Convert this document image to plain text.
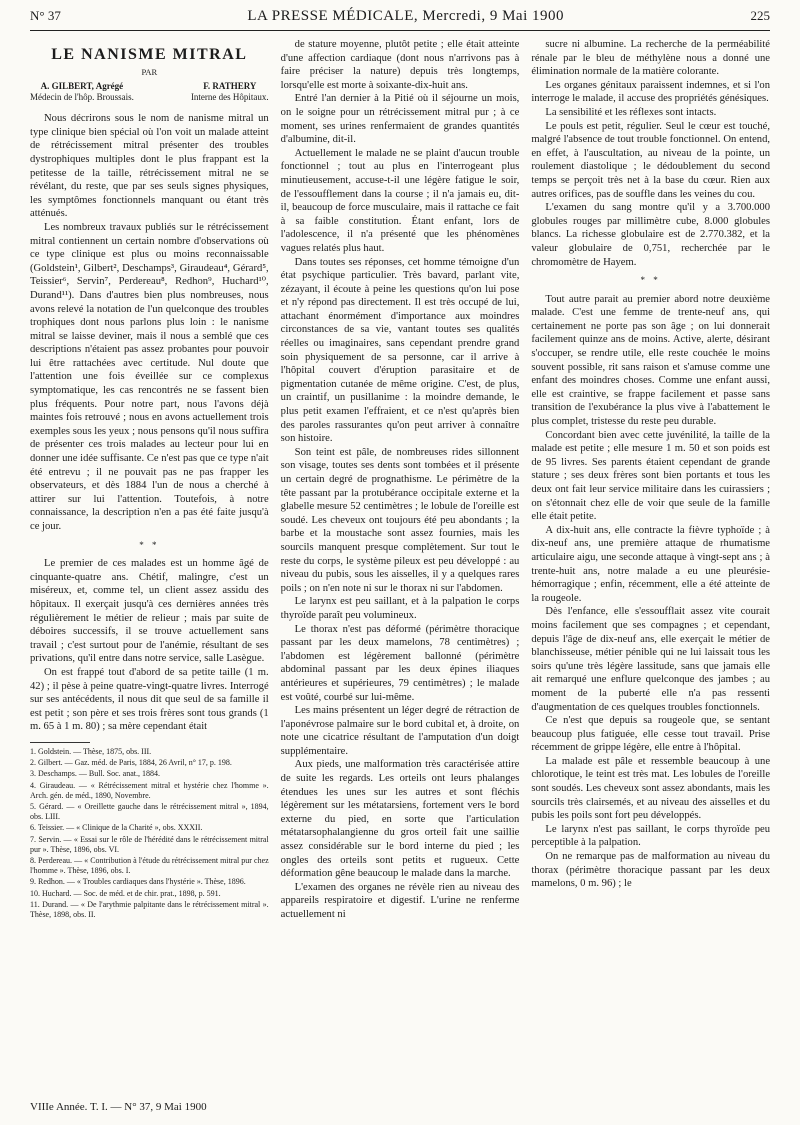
N° 37	LA PRESSE MÉDICALE, Mercredi, 9 Mai 1900	225
LE NANISME MITRAL
PAR
A. GILBERT, Agrégé
Médecin de l'hôp. Broussais.
F. RATHERY
Interne des Hôpitaux.

Nous décrirons sous le nom de nanisme mitral un type clinique bien spécial où l'on voit un malade atteint de rétrécissement mitral présenter des troubles dystrophiques multiples dont le plus frappant est la petitesse de la taille, rétrécissement mitral ne se révélant, du reste, que par ses seuls signes physiques, les symptômes fonctionnels manquant ou étant très atténués.

Les nombreux travaux publiés sur le rétrécissement mitral contiennent un certain nombre d'observations où ce type clinique est plus ou moins reconnaissable (Goldstein¹, Gilbert², Deschamps³, Giraudeau⁴, Gérard⁵, Teissier⁶, Servin⁷, Perdereau⁸, Redhon⁹, Huchard¹⁰, Durand¹¹). Dans d'autres bien plus nombreuses, nous avons relevé la notation de l'un quelconque des troubles trophiques dont nous parlons plus loin : le nanisme mitral se laisse deviner, mais il nous a semblé que ces descriptions n'étaient pas assez probantes pour pouvoir lui être rattachées avec certitude. Nul doute que l'attention une fois éveillée sur ce complexus symptomatique, les cas rencontrés ne se fassent bien plus fréquents. Pour notre part, nous l'avons déjà maintes fois retrouvé ; nous en avons actuellement trois exemples sous les yeux ; nous pensons qu'il nous suffira de présenter ces trois malades au lecteur pour lui en donner une idée suffisante. Ce n'est pas que ce type n'ait été entrevu ; il ne pouvait pas ne pas frapper les observateurs, et dès 1884 l'un de nous a cherché à attirer sur lui l'attention. Toutefois, à notre connaissance, la description n'en a pas été faite jusqu'à ce jour.

* *

Le premier de ces malades est un homme âgé de cinquante-quatre ans. Chétif, malingre, c'est un miséreux, et, comme tel, un client assez assidu des hôpitaux. Il exerçait jusqu'à ces dernières années très régulièrement le métier de relieur ; mais par suite de déboires successifs, il se trouve actuellement sans travail ; c'est surtout pour de l'anémie, résultant de ses privations, qu'il entre dans notre service, salle Lasègue.

On est frappé tout d'abord de sa petite taille (1 m. 42) ; il pèse à peine quatre-vingt-quatre livres. Interrogé sur ses antécédents, il nous dit que seul de sa famille il est petit ; son père et ses trois frères sont tous grands (1 m. 65 à 1 m. 80) ; sa mère cependant était

1. Goldstein. — Thèse, 1875, obs. III.
2. Gilbert. — Gaz. méd. de Paris, 1884, 26 Avril, n° 17, p. 198.
3. Deschamps. — Bull. Soc. anat., 1884.
4. Giraudeau. — « Rétrécissement mitral et hystérie chez l'homme ». Arch. gén. de méd., 1890, Novembre.
5. Gérard. — « Oreillette gauche dans le rétrécissement mitral », 1894, obs. LIII.
6. Teissier. — « Clinique de la Charité », obs. XXXII.
7. Servin. — « Essai sur le rôle de l'hérédité dans le rétrécissement mitral pur ». Thèse, 1896, obs. VI.
8. Perdereau. — « Contribution à l'étude du rétrécissement mitral pur chez l'homme ». Thèse, 1896, obs. I.
9. Redhon. — « Troubles cardiaques dans l'hystérie ». Thèse, 1896.
10. Huchard. — Soc. de méd. et de chir. prat., 1898, p. 591.
11. Durand. — « De l'arythmie palpitante dans le rétrécissement mitral ». Thèse, 1898, obs. II.

de stature moyenne, plutôt petite ; elle était atteinte d'une affection cardiaque (dont nous n'arrivons pas à faire préciser la nature) depuis très longtemps, lorsqu'elle est morte à soixante-dix-huit ans.

Entré l'an dernier à la Pitié où il séjourne un mois, on le soigne pour un rétrécissement mitral pur ; à ce moment, ses urines renfermaient de grandes quantités d'albumine, dit-il.

Actuellement le malade ne se plaint d'aucun trouble fonctionnel ; tout au plus en l'interrogeant plus minutieusement, accuse-t-il une légère fatigue le soir, de l'essoufflement dans la course ; il n'a jamais eu, dit-il, beaucoup de force musculaire, mais il rattache ce fait à sa faible constitution. Étant enfant, lors de l'adolescence, il n'a présenté que les phénomènes vagues relatés plus haut.

Dans toutes ses réponses, cet homme témoigne d'un état psychique particulier. Très bavard, parlant vite, zézayant, il écoute à peine les questions qu'on lui pose et n'y répond pas directement. Il est très occupé de lui, attachant énormément d'importance aux moindres circonstances de sa vie, vantant toutes ses qualités réelles ou imaginaires, sans cependant prendre grand soin physiquement de sa personne, car il arrive à l'hôpital couvert d'éruption parasitaire et de pigmentation cutanée de même origine. C'est, de plus, un craintif, un pusillanime : la moindre demande, le plus petit examen l'effraient, et ce n'est qu'après bien des paroles rassurantes qu'on peut arriver à connaître son histoire.

Son teint est pâle, de nombreuses rides sillonnent son visage, toutes ses dents sont tombées et il présente un certain degré de prognathisme. Le périmètre de la tête passant par la protubérance occipitale externe et la glabelle mesure 52 centimètres ; le lobule de l'oreille est soudé. Les cheveux ont toujours été peu abondants ; la barbe et la moustache sont assez fournies, mais les sourcils manquent presque complètement. Sur tout le reste du corps, le système pileux est peu développé : au niveau du pubis, sous les aisselles, il y a quelques rares poils ; on n'en note ni sur le thorax ni sur l'abdomen.

Le larynx est peu saillant, et à la palpation le corps thyroïde paraît peu volumineux.

Le thorax n'est pas déformé (périmètre thoracique passant par les deux mamelons, 78 centimètres) ; l'abdomen est légèrement ballonné (périmètre abdominal passant par les deux épines iliaques antérieures et supérieures, 79 centimètres) ; le malade est voûté, courbé sur lui-même.

Les mains présentent un léger degré de rétraction de l'aponévrose palmaire sur le bord cubital et, à droite, on note une cicatrice résultant de l'amputation d'un doigt supplémentaire.

Aux pieds, une malformation très caractérisée attire de suite les regards. Les orteils ont leurs phalanges étendues les unes sur les autres et sont fléchis légèrement sur les métatarsiens, fortement vers le bord externe du pied, en sorte que l'articulation métatarsophalangienne du gros orteil fait une saillie assez considérable sur le bord interne du pied ; les ongles des orteils sont petits et rugueux. Cette déformation gêne beaucoup le malade dans la marche.

L'examen des organes ne révèle rien au niveau des appareils respiratoire et digestif. L'urine ne renferme actuellement ni

sucre ni albumine. La recherche de la perméabilité rénale par le bleu de méthylène nous a donné une élimination normale de la matière colorante.

Les organes génitaux paraissent indemnes, et si l'on interroge le malade, il accuse des propriétés génésiques.

La sensibilité et les réflexes sont intacts.

Le pouls est petit, régulier. Seul le cœur est touché, malgré l'absence de tout trouble fonctionnel. On entend, en effet, à l'auscultation, au niveau de la pointe, un roulement diastolique ; le dédoublement du second temps se perçoit très net à la base du cœur. Rien aux autres orifices, pas de souffle dans les veines du cou.

L'examen du sang montre qu'il y a 3.700.000 globules rouges par millimètre cube, 8.000 globules blancs. La richesse globulaire est de 2.770.382, et la valeur globulaire de 0,751, recherchée par le chromomètre de Hayem.

* *

Tout autre parait au premier abord notre deuxième malade. C'est une femme de trente-neuf ans, qui certainement ne porte pas son âge ; on lui donnerait facilement quinze ans de moins. Active, alerte, désirant s'occuper, se rendre utile, elle reste couchée le moins souvent possible, rit sans raison et s'amuse comme une enfant des moindres choses. Comme une enfant aussi, elle est craintive, se frappe facilement et passe sans transition de l'exubérance la plus vive à l'abattement le plus complet, tristesse du reste peu durable.

Concordant bien avec cette juvénilité, la taille de la malade est petite ; elle mesure 1 m. 50 et son poids est de 95 livres. Ses parents étaient cependant de grande stature ; ses deux frères sont bien portants et tous les deux ont fait leur service militaire dans les cuirassiers ; on s'étonnait chez elle de voir que seule de la famille elle était petite.

A dix-huit ans, elle contracte la fièvre typhoïde ; à dix-neuf ans, une première attaque de rhumatisme articulaire aigu, une seconde attaque à vingt-sept ans ; à trente-huit ans, notre malade a eu une pleurésie-hémorragique ; enfin, récemment, elle a été atteinte de la rougeole.

Dès l'enfance, elle s'essoufflait assez vite courait moins facilement que ses compagnes ; et cependant, depuis l'âge de dix-neuf ans, elle exerçait le métier de blanchisseuse, métier pénible qui ne lui laissait tous les soirs qu'une très légère lassitude, sans que jamais elle ait remarqué une enflure quelconque des jambes ; au moment de la puberté elle n'a pas ressenti d'augmentation de ces quelques troubles fonctionnels.

Ce n'est que depuis sa rougeole que, se sentant beaucoup plus fatiguée, elle cesse tout travail. Prise récemment de grippe légère, elle entre à l'hôpital.

La malade est pâle et ressemble beaucoup à une chlorotique, le teint est très mat. Les lobules de l'oreille sont soudés. Les cheveux sont assez abondants, mais les sourcils très clairsemés, et au niveau des aisselles et du pubis les poils sont fort peu développés.

Le larynx n'est pas saillant, le corps thyroïde peu perceptible à la palpation.

On ne remarque pas de malformation au niveau du thorax (périmètre thoracique passant par les deux mamelons, 0 m. 96) ; le

VIIIe Année. T. I. — N° 37, 9 Mai 1900
